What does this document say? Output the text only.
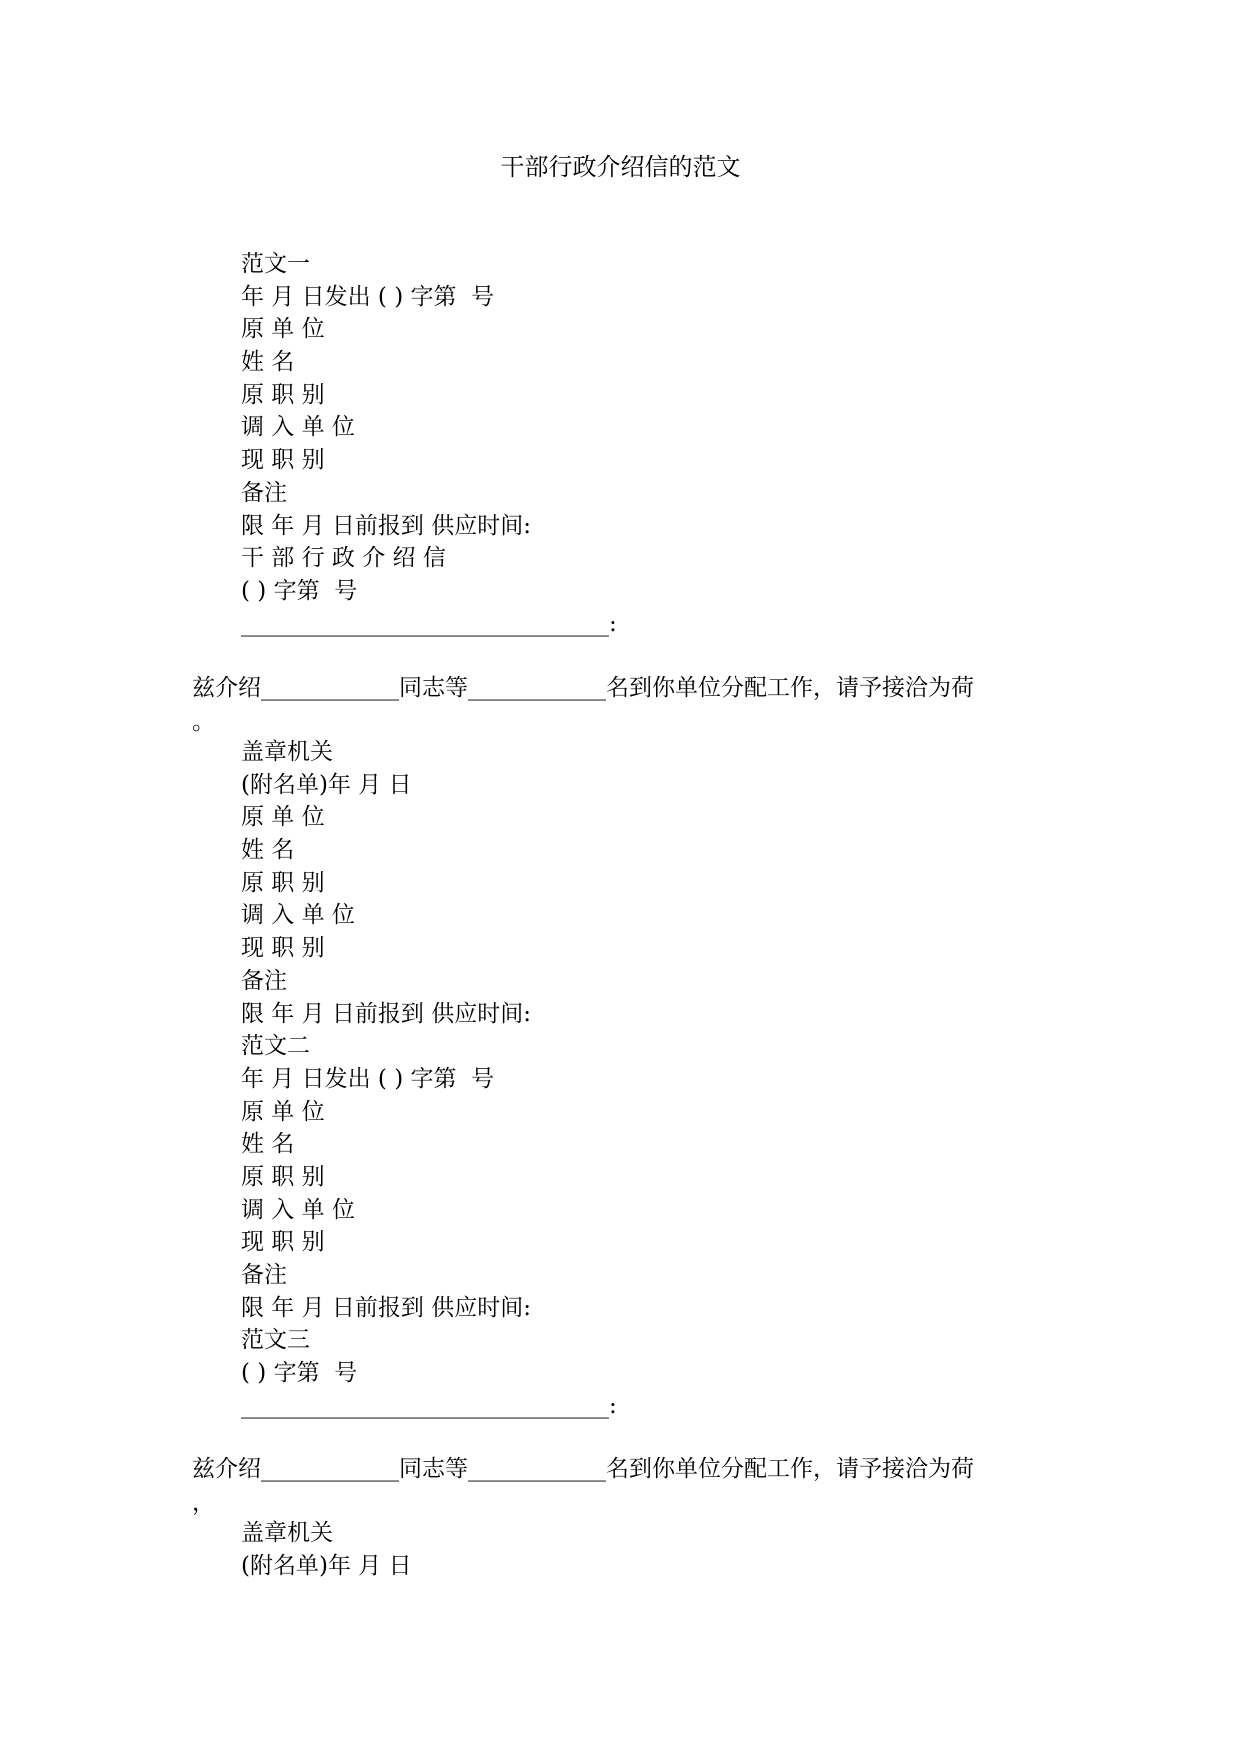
干部行政介绍信的范文
范文一
年 月 日发出 ( ) 字第  号
原 单 位
姓 名
原 职 别
调 入 单 位
现 职 别
备注
限 年 月 日前报到 供应时间:
干 部 行 政 介 绍 信
( ) 字第  号
________________________________:
兹介绍____________同志等____________名到你单位分配工作，请予接洽为荷
。
盖章机关
(附名单)年 月 日
原 单 位
姓 名
原 职 别
调 入 单 位
现 职 别
备注
限 年 月 日前报到 供应时间:
范文二
年 月 日发出 ( ) 字第  号
原 单 位
姓 名
原 职 别
调 入 单 位
现 职 别
备注
限 年 月 日前报到 供应时间:
范文三
( ) 字第  号
________________________________:
兹介绍____________同志等____________名到你单位分配工作，请予接洽为荷
，
盖章机关
(附名单)年 月 日
